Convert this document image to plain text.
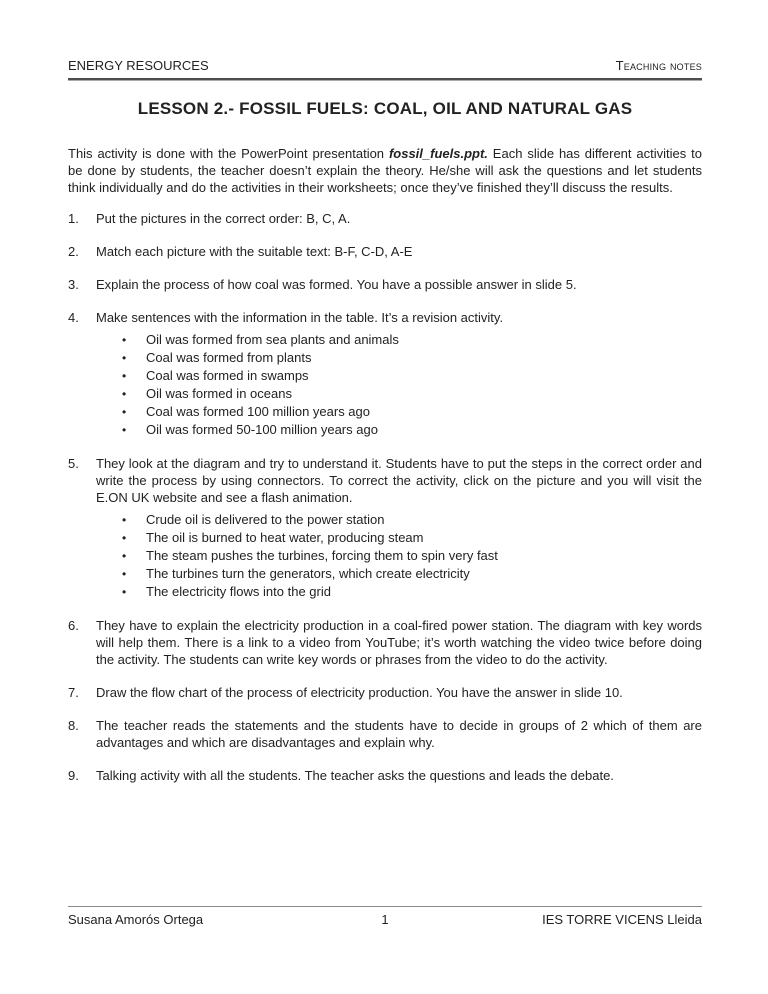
ENERGY RESOURCES	Teaching notes
LESSON 2.- FOSSIL FUELS: COAL, OIL AND NATURAL GAS

This activity is done with the PowerPoint presentation fossil_fuels.ppt. Each slide has different activities to be done by students, the teacher doesn’t explain the theory. He/she will ask the questions and let students think individually and do the activities in their worksheets; once they’ve finished they’ll discuss the results.

1.	Put the pictures in the correct order: B, C, A.
2.	Match each picture with the suitable text: B-F, C-D, A-E
3.	Explain the process of how coal was formed. You have a possible answer in slide 5.
4.	Make sentences with the information in the table. It’s a revision activity.
•	Oil was formed from sea plants and animals
•	Coal was formed from plants
•	Coal was formed in swamps
•	Oil was formed in oceans
•	Coal was formed 100 million years ago
•	Oil was formed 50-100 million years ago
5.	They look at the diagram and try to understand it. Students have to put the steps in the correct order and write the process by using connectors. To correct the activity, click on the picture and you will visit the E.ON UK website and see a flash animation.
•	Crude oil is delivered to the power station
•	The oil is burned to heat water, producing steam
•	The steam pushes the turbines, forcing them to spin very fast
•	The turbines turn the generators, which create electricity
•	The electricity flows into the grid
6.	They have to explain the electricity production in a coal-fired power station. The diagram with key words will help them. There is a link to a video from YouTube; it’s worth watching the video twice before doing the activity. The students can write key words or phrases from the video to do the activity.
7.	Draw the flow chart of the process of electricity production. You have the answer in slide 10.
8.	The teacher reads the statements and the students have to decide in groups of 2 which of them are advantages and which are disadvantages and explain why.
9.	Talking activity with all the students. The teacher asks the questions and leads the debate.
Susana Amorós Ortega	1	IES TORRE VICENS Lleida
